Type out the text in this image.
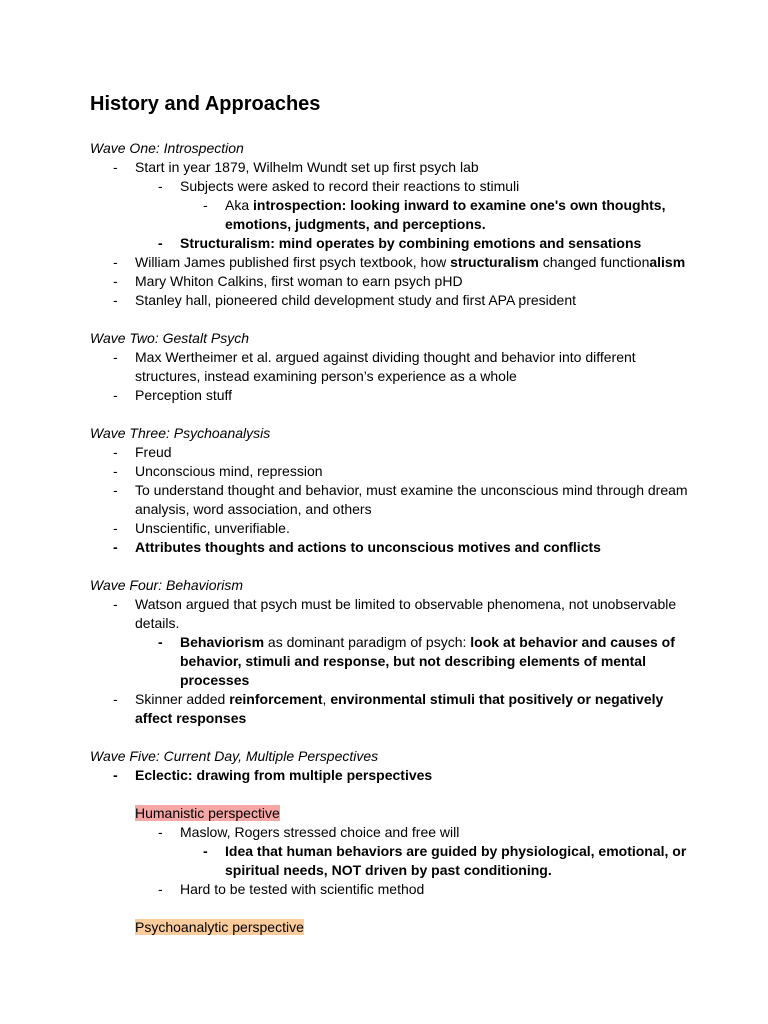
History and Approaches
Wave One: Introspection
-	Start in year 1879, Wilhelm Wundt set up first psych lab
-	Subjects were asked to record their reactions to stimuli
-	Aka introspection: looking inward to examine one's own thoughts, emotions, judgments, and perceptions.
-	Structuralism: mind operates by combining emotions and sensations
-	William James published first psych textbook, how structuralism changed functionalism
-	Mary Whiton Calkins, first woman to earn psych pHD
-	Stanley hall, pioneered child development study and first APA president
Wave Two: Gestalt Psych
-	Max Wertheimer et al. argued against dividing thought and behavior into different structures, instead examining person’s experience as a whole
-	Perception stuff
Wave Three: Psychoanalysis
-	Freud
-	Unconscious mind, repression
-	To understand thought and behavior, must examine the unconscious mind through dream analysis, word association, and others
-	Unscientific, unverifiable.
-	Attributes thoughts and actions to unconscious motives and conflicts
Wave Four: Behaviorism
-	Watson argued that psych must be limited to observable phenomena, not unobservable details.
-	Behaviorism as dominant paradigm of psych: look at behavior and causes of behavior, stimuli and response, but not describing elements of mental processes
-	Skinner added reinforcement, environmental stimuli that positively or negatively affect responses
Wave Five: Current Day, Multiple Perspectives
-	Eclectic: drawing from multiple perspectives
Humanistic perspective
-	Maslow, Rogers stressed choice and free will
-	Idea that human behaviors are guided by physiological, emotional, or spiritual needs, NOT driven by past conditioning.
-	Hard to be tested with scientific method
Psychoanalytic perspective
